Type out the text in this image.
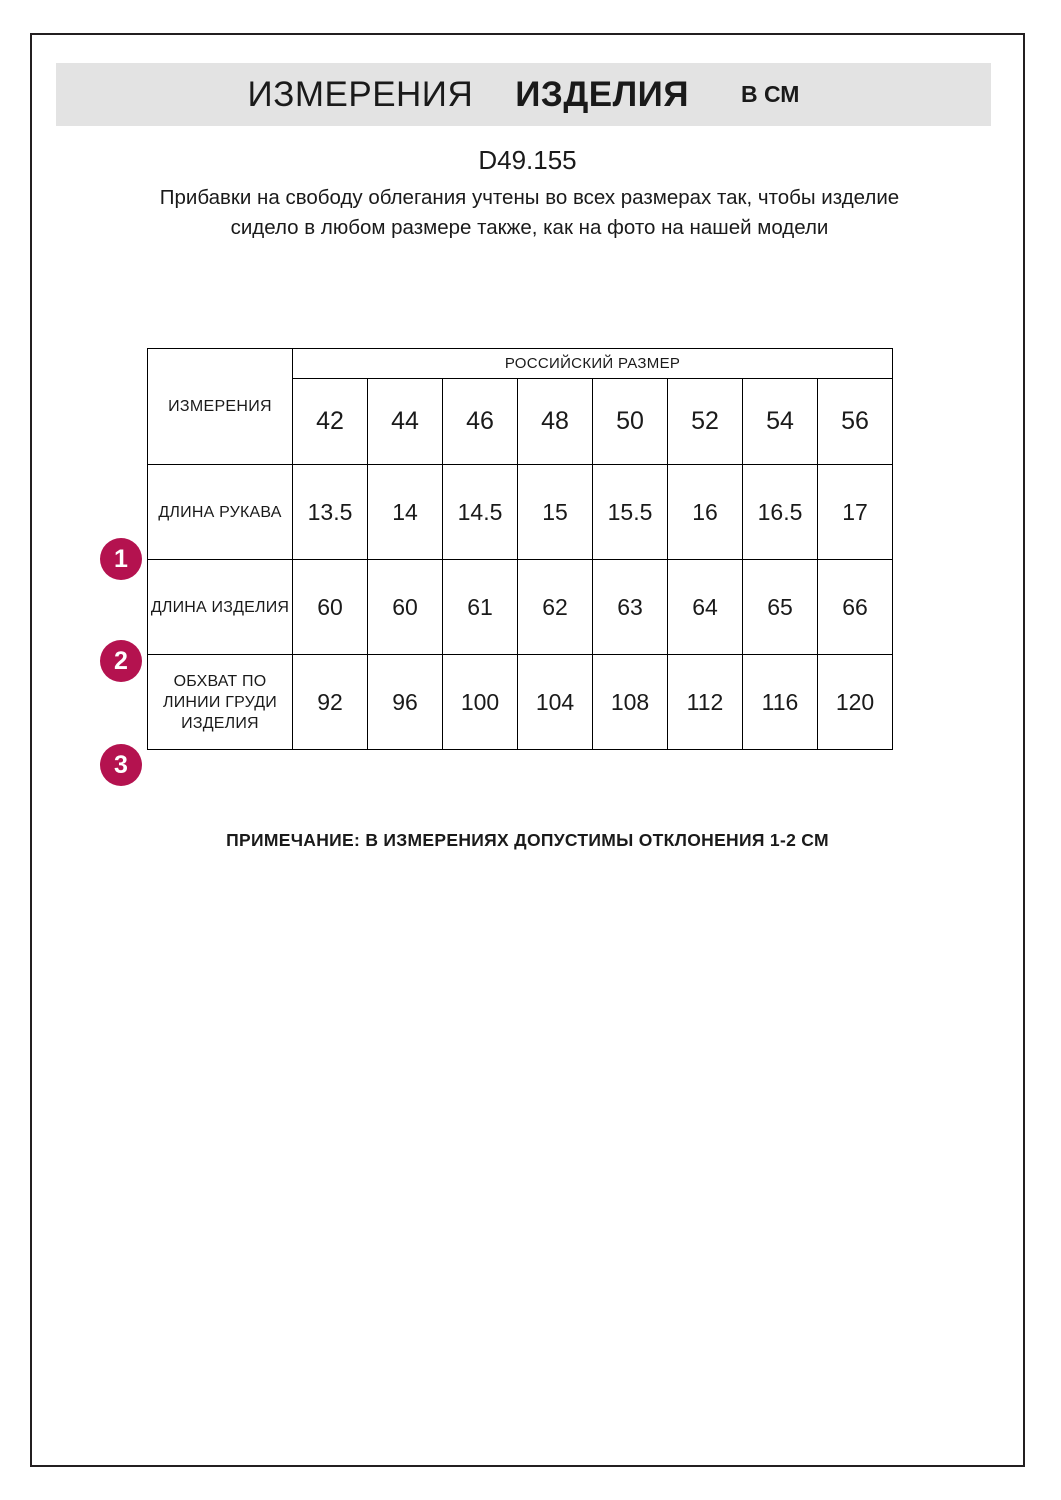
ИЗМЕРЕНИЯ ИЗДЕЛИЯ В СМ
D49.155
Прибавки на свободу облегания учтены во всех размерах так, чтобы изделие сидело в любом размере также, как на фото на нашей модели
1
2
3
ИЗМЕРЕНИЯ	РОССИЙСКИЙ РАЗМЕР							
	42	44	46	48	50	52	54	56
ДЛИНА РУКАВА	13.5	14	14.5	15	15.5	16	16.5	17
ДЛИНА ИЗДЕЛИЯ	60	60	61	62	63	64	65	66
ОБХВАТ ПО ЛИНИИ ГРУДИ ИЗДЕЛИЯ	92	96	100	104	108	112	116	120
ПРИМЕЧАНИЕ: В ИЗМЕРЕНИЯХ ДОПУСТИМЫ ОТКЛОНЕНИЯ 1-2 СМ
